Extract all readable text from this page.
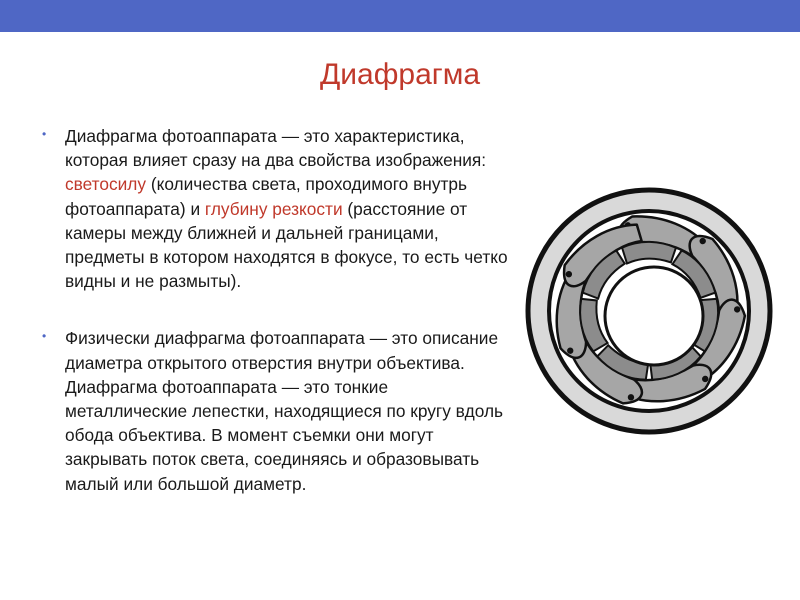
Диафрагма
• Диафрагма фотоаппарата — это характеристика, которая влияет сразу на два свойства изображения: светосилу (количества света, проходимого внутрь фотоаппарата) и глубину резкости (расстояние от камеры между ближней и дальней границами, предметы в котором находятся в фокусе, то есть четко видны и не размыты).
• Физически диафрагма фотоаппарата — это описание диаметра открытого отверстия внутри объектива. Диафрагма фотоаппарата — это тонкие металлические лепестки, находящиеся по кругу вдоль обода объектива. В момент съемки они могут закрывать поток света, соединяясь и образовывать малый или большой диаметр.
